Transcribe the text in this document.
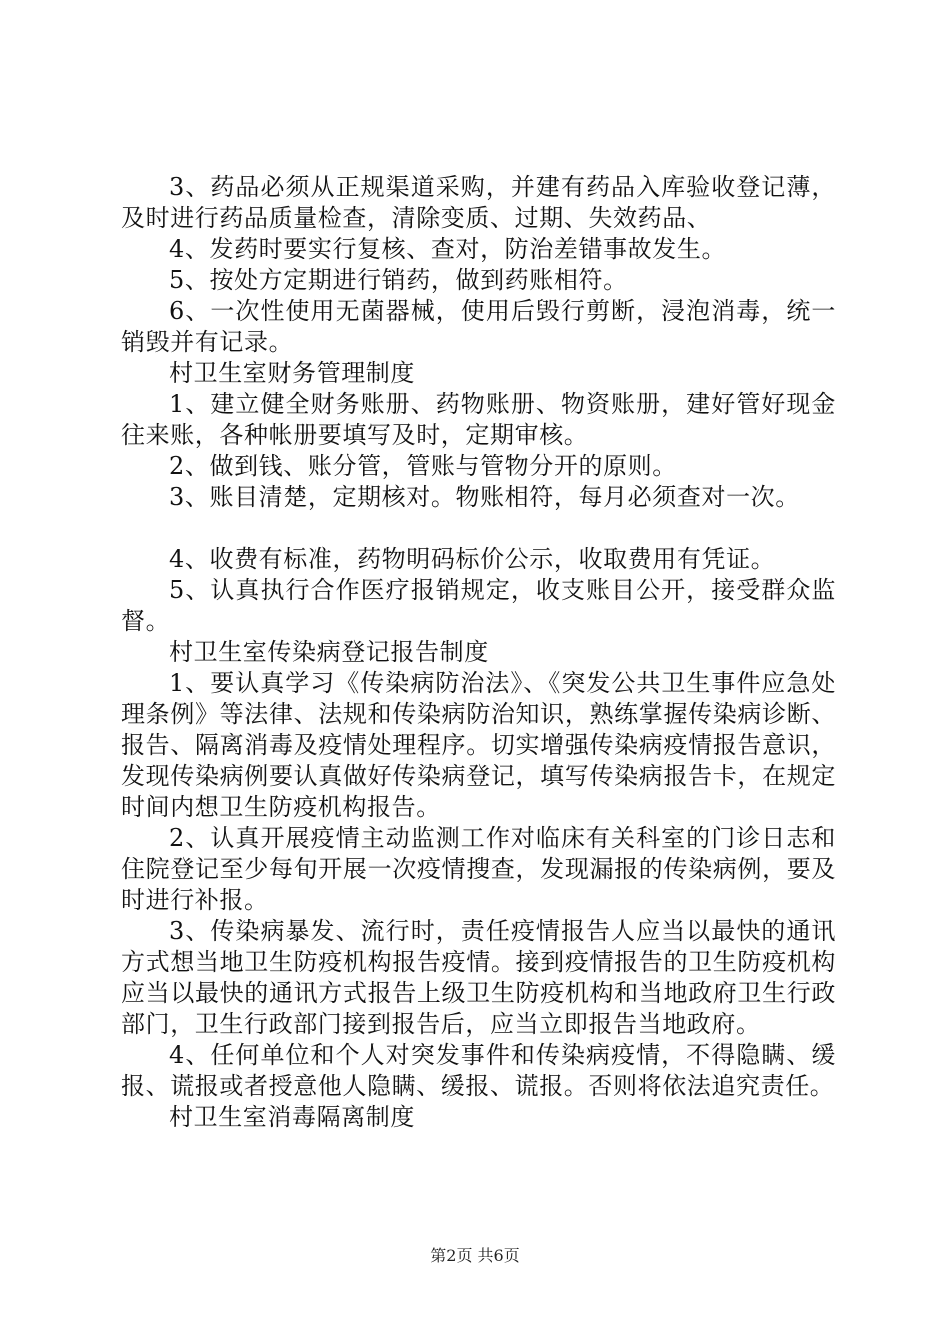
3、药品必须从正规渠道采购，并建有药品入库验收登记薄，及时进行药品质量检查，清除变质、过期、失效药品、

4、发药时要实行复核、查对，防治差错事故发生。

5、按处方定期进行销药，做到药账相符。

6、一次性使用无菌器械，使用后毁行剪断，浸泡消毒，统一销毁并有记录。

村卫生室财务管理制度

1、建立健全财务账册、药物账册、物资账册，建好管好现金往来账，各种帐册要填写及时，定期审核。

2、做到钱、账分管，管账与管物分开的原则。

3、账目清楚，定期核对。物账相符，每月必须查对一次。

4、收费有标准，药物明码标价公示，收取费用有凭证。

5、认真执行合作医疗报销规定，收支账目公开，接受群众监督。

村卫生室传染病登记报告制度

1、要认真学习《传染病防治法》、《突发公共卫生事件应急处理条例》等法律、法规和传染病防治知识，熟练掌握传染病诊断、报告、隔离消毒及疫情处理程序。切实增强传染病疫情报告意识，发现传染病例要认真做好传染病登记，填写传染病报告卡，在规定时间内想卫生防疫机构报告。

2、认真开展疫情主动监测工作对临床有关科室的门诊日志和住院登记至少每旬开展一次疫情搜查，发现漏报的传染病例，要及时进行补报。

3、传染病暴发、流行时，责任疫情报告人应当以最快的通讯方式想当地卫生防疫机构报告疫情。接到疫情报告的卫生防疫机构应当以最快的通讯方式报告上级卫生防疫机构和当地政府卫生行政部门，卫生行政部门接到报告后，应当立即报告当地政府。

4、任何单位和个人对突发事件和传染病疫情，不得隐瞒、缓报、谎报或者授意他人隐瞒、缓报、谎报。否则将依法追究责任。

村卫生室消毒隔离制度

第2页 共6页
